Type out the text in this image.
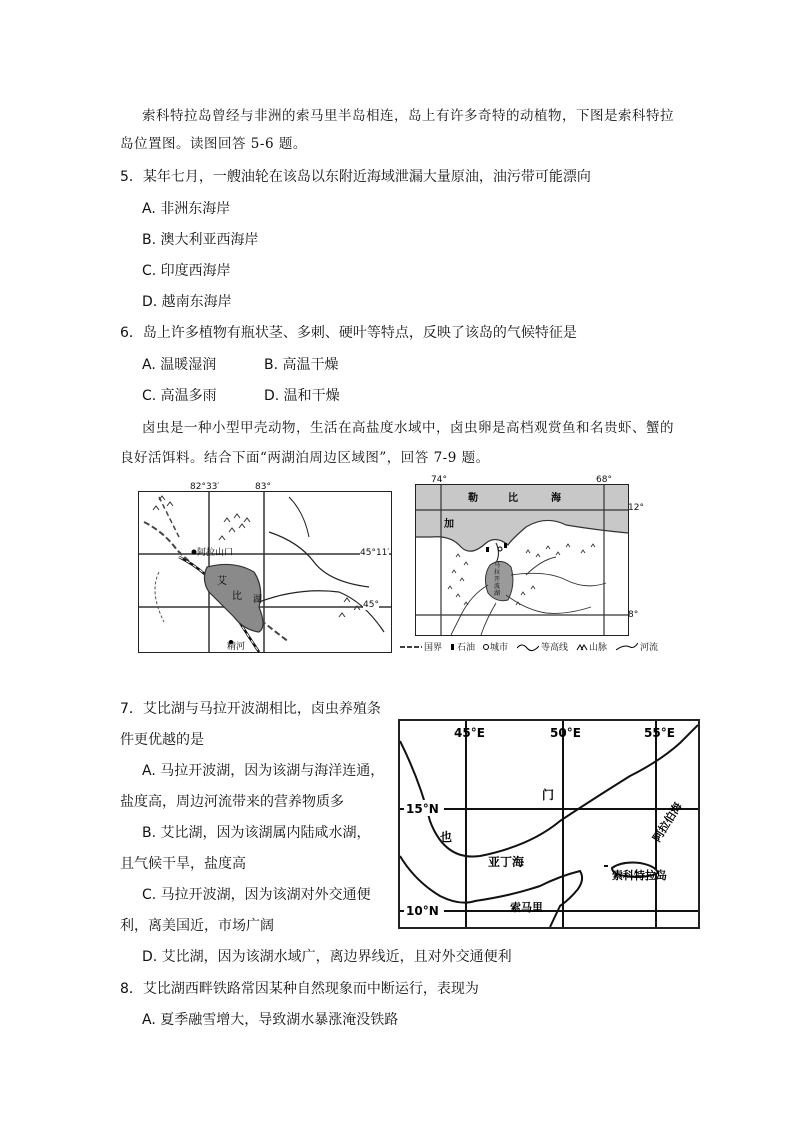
索科特拉岛曾经与非洲的索马里半岛相连，岛上有许多奇特的动植物，下图是索科特拉
岛位置图。读图回答 5-6 题。
5．某年七月，一艘油轮在该岛以东附近海域泄漏大量原油，油污带可能漂向
A. 非洲东海岸
B. 澳大利亚西海岸
C. 印度西海岸
D. 越南东海岸
6．岛上许多植物有瓶状茎、多刺、硬叶等特点，反映了该岛的气候特征是
A. 温暖湿润	B. 高温干燥
C. 高温多雨	D. 温和干燥
卤虫是一种小型甲壳动物，生活在高盐度水域中，卤虫卵是高档观赏鱼和名贵虾、蟹的
良好活饵料。结合下面“两湖泊周边区域图”，回答 7-9 题。
阿拉山口
精河
艾
比 湖
82°33′	83°
45°11′
45°
勒	比	海
加
马
拉
开
波
湖
74°	68°
12°
8°
国界 石油 城市	等高线 山脉	河流
7．艾比湖与马拉开波湖相比，卤虫养殖条
件更优越的是
A. 马拉开波湖，因为该湖与海洋连通，
盐度高，周边河流带来的营养物质多
B. 艾比湖，因为该湖属内陆咸水湖，
且气候干旱，盐度高
C. 马拉开波湖，因为该湖对外交通便
利，离美国近，市场广阔
D. 艾比湖，因为该湖水域广，离边界线近，且对外交通便利
45°E	50°E	55°E
15°N
10°N
门
也
亚丁海
阿拉伯海
索科特拉岛
索马里
8．艾比湖西畔铁路常因某种自然现象而中断运行，表现为
A. 夏季融雪增大，导致湖水暴涨淹没铁路
